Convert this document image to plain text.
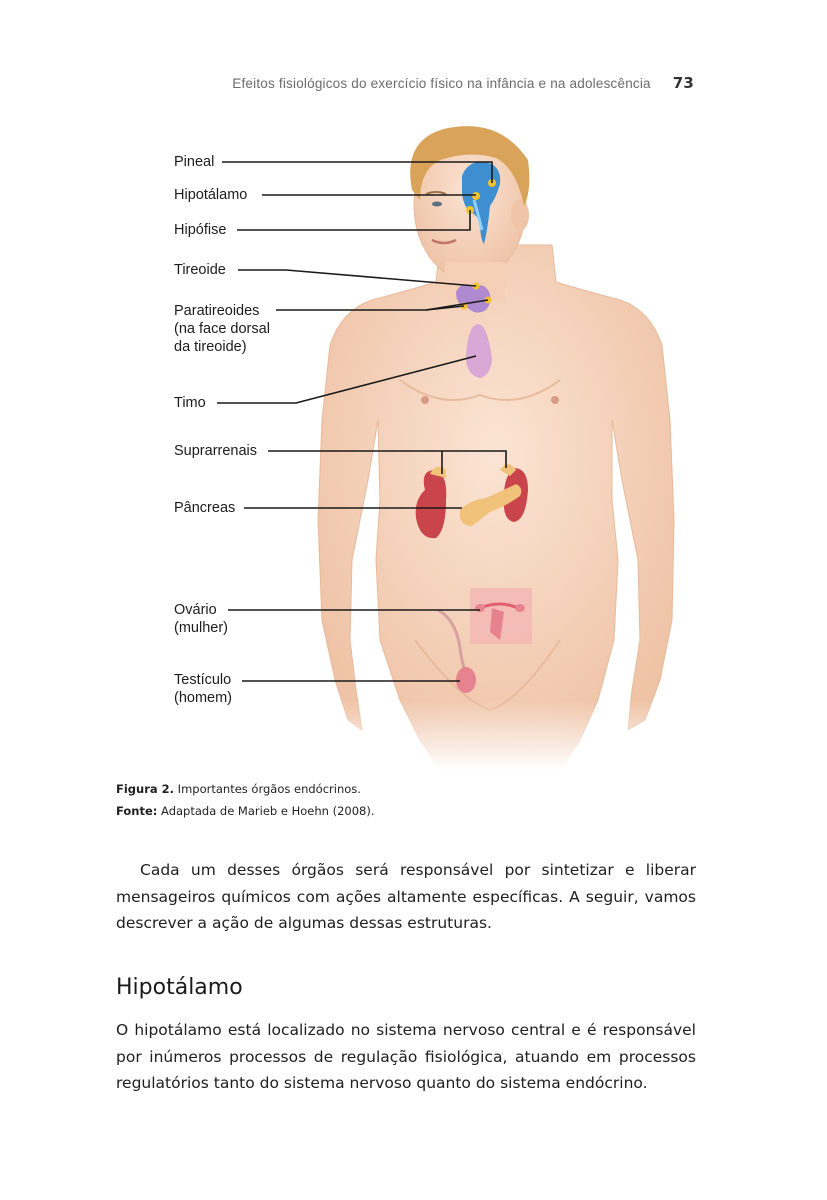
Efeitos fisiológicos do exercício físico na infância e na adolescência 73
Pineal
Hipotálamo
Hipófise
Tireoide
Paratireoides
(na face dorsal
da tireoide)
Timo
Suprarrenais
Pâncreas
Ovário
(mulher)
Testículo
(homem)
Figura 2. Importantes órgãos endócrinos.
Fonte: Adaptada de Marieb e Hoehn (2008).

Cada um desses órgãos será responsável por sintetizar e liberar mensageiros químicos com ações altamente específicas. A seguir, vamos descrever a ação de algumas dessas estruturas.

Hipotálamo

O hipotálamo está localizado no sistema nervoso central e é responsável por inúmeros processos de regulação fisiológica, atuando em processos regulatórios tanto do sistema nervoso quanto do sistema endócrino.
